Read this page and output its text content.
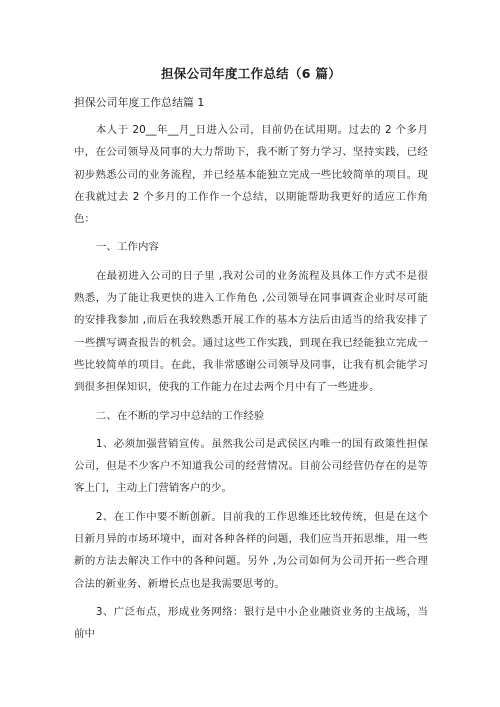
担保公司年度工作总结（6 篇）
担保公司年度工作总结篇 1

本人于 20__年__月_日进入公司，目前仍在试用期。过去的 2 个多月中，在公司领导及同事的大力帮助下，我不断了努力学习、坚持实践，已经初步熟悉公司的业务流程，并已经基本能独立完成一些比较简单的项目。现在我就过去 2 个多月的工作作一个总结，以期能帮助我更好的适应工作角色：

一、工作内容

在最初进入公司的日子里 ,我对公司的业务流程及具体工作方式不是很熟悉，为了能让我更快的进入工作角色 ,公司领导在同事调查企业时尽可能的安排我参加 ,而后在我较熟悉开展工作的基本方法后由适当的给我安排了一些撰写调查报告的机会。通过这些工作实践，到现在我已经能独立完成一些比较简单的项目。在此，我非常感谢公司领导及同事，让我有机会能学习到很多担保知识，使我的工作能力在过去两个月中有了一些进步。

二、在不断的学习中总结的工作经验

1、必须加强营销宣传。虽然我公司是武侯区内唯一的国有政策性担保公司，但是不少客户不知道我公司的经营情况。目前公司经营仍存在的是等客上门，主动上门营销客户的少。

2、在工作中要不断创新。目前我的工作思维还比较传统，但是在这个日新月异的市场环境中，面对各种各样的问题，我们应当开拓思维，用一些新的方法去解决工作中的各种问题。另外 ,为公司如何为公司开拓一些合理合法的新业务、新增长点也是我需要思考的。

3、广泛布点，形成业务网络：银行是中小企业融资业务的主战场，当前中
